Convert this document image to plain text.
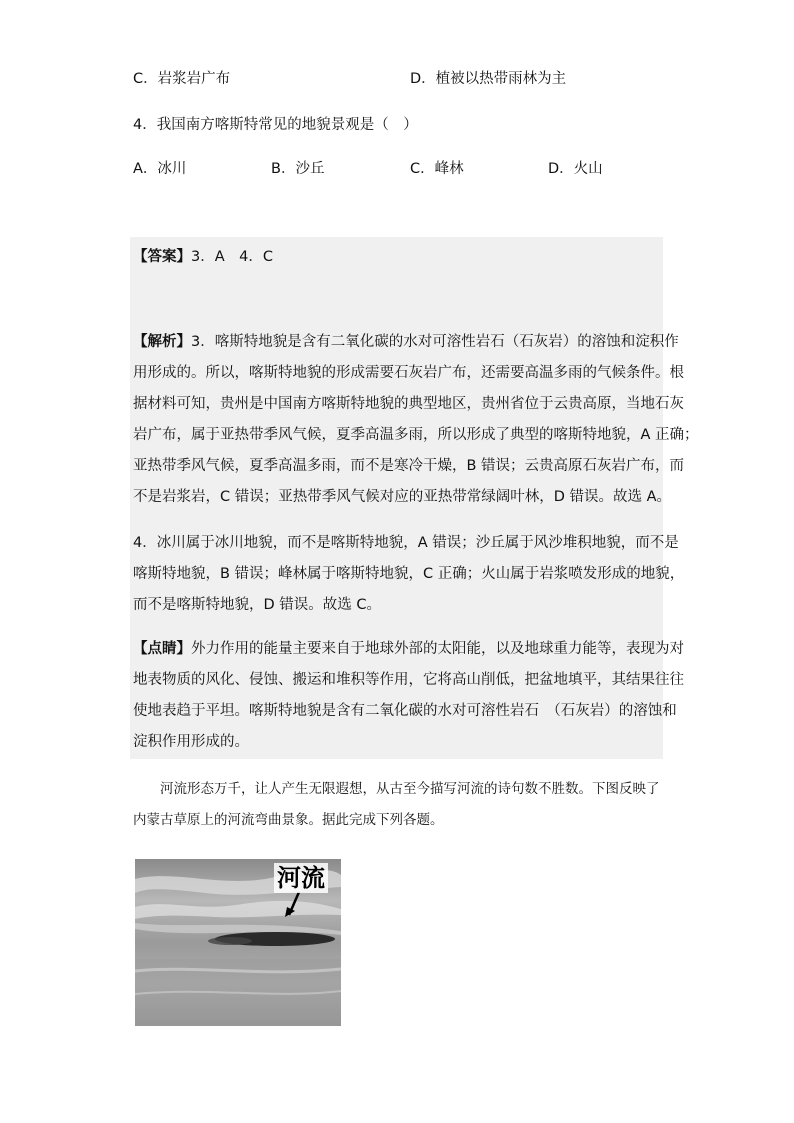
C．岩浆岩广布	D．植被以热带雨林为主
4．我国南方喀斯特常见的地貌景观是（　）
A．冰川	B．沙丘	C．峰林	D．火山
【答案】3．A　4．C
【解析】3．喀斯特地貌是含有二氧化碳的水对可溶性岩石（石灰岩）的溶蚀和淀积作
用形成的。所以，喀斯特地貌的形成需要石灰岩广布，还需要高温多雨的气候条件。根
据材料可知，贵州是中国南方喀斯特地貌的典型地区，贵州省位于云贵高原，当地石灰
岩广布，属于亚热带季风气候，夏季高温多雨，所以形成了典型的喀斯特地貌，A 正确；
亚热带季风气候，夏季高温多雨，而不是寒冷干燥，B 错误；云贵高原石灰岩广布，而
不是岩浆岩，C 错误；亚热带季风气候对应的亚热带常绿阔叶林，D 错误。故选 A。
4．冰川属于冰川地貌，而不是喀斯特地貌，A 错误；沙丘属于风沙堆积地貌，而不是
喀斯特地貌，B 错误；峰林属于喀斯特地貌，C 正确；火山属于岩浆喷发形成的地貌，
而不是喀斯特地貌，D 错误。故选 C。
【点睛】外力作用的能量主要来自于地球外部的太阳能，以及地球重力能等，表现为对
地表物质的风化、侵蚀、搬运和堆积等作用，它将高山削低，把盆地填平，其结果往往
使地表趋于平坦。喀斯特地貌是含有二氧化碳的水对可溶性岩石　（石灰岩）的溶蚀和
淀积作用形成的。
　　河流形态万千，让人产生无限遐想，从古至今描写河流的诗句数不胜数。下图反映了
内蒙古草原上的河流弯曲景象。据此完成下列各题。
河流
